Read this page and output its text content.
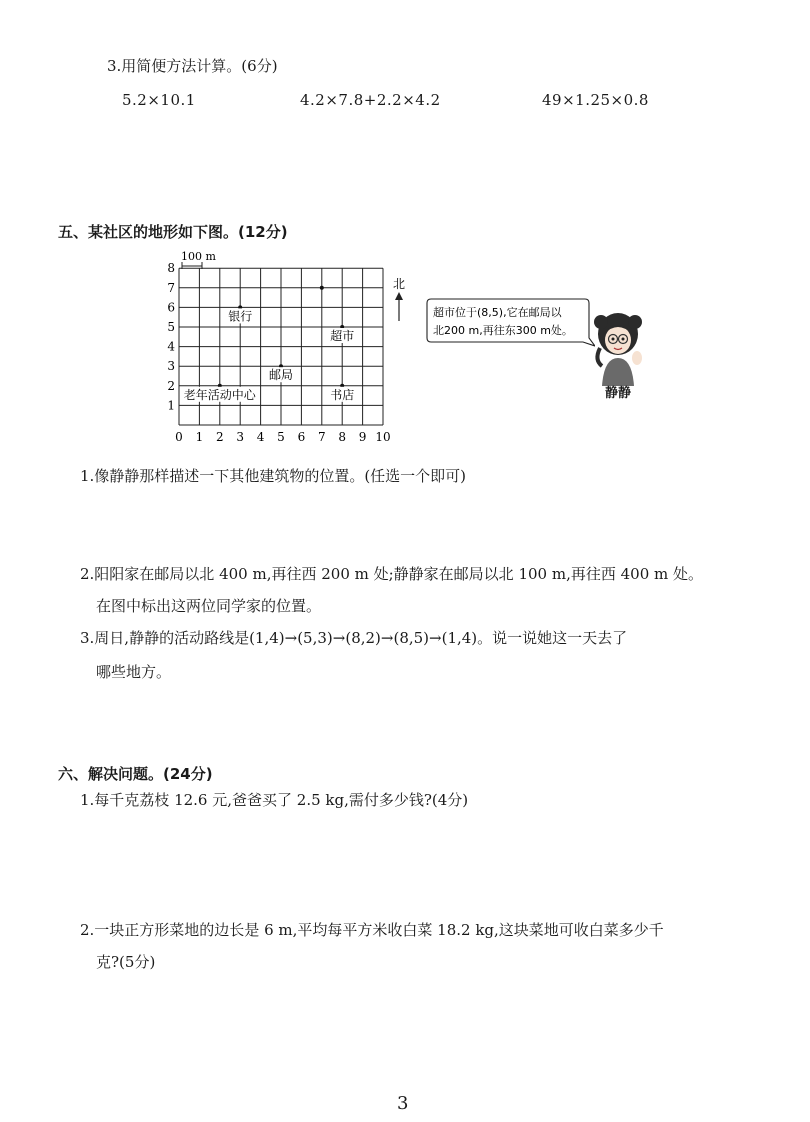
3.用简便方法计算。(6分)
5.2×10.1	4.2×7.8+2.2×4.2	49×1.25×0.8
五、某社区的地形如下图。(12分)
0 1 2 3 4 5 6 7 8 9 10
1
2
3
4
5
6
7
8
银行
超市
邮局
老年活动中心	书店
100 m
北
超市位于(8,5),它在邮局以
北200 m,再往东300 m处。
静静
1.像静静那样描述一下其他建筑物的位置。(任选一个即可)
2.阳阳家在邮局以北 400 m,再往西 200 m 处;静静家在邮局以北 100 m,再往西 400 m 处。
在图中标出这两位同学家的位置。
3.周日,静静的活动路线是(1,4)→(5,3)→(8,2)→(8,5)→(1,4)。说一说她这一天去了
哪些地方。
六、解决问题。(24分)
1.每千克荔枝 12.6 元,爸爸买了 2.5 kg,需付多少钱?(4分)
2.一块正方形菜地的边长是 6 m,平均每平方米收白菜 18.2 kg,这块菜地可收白菜多少千
克?(5分)
3
